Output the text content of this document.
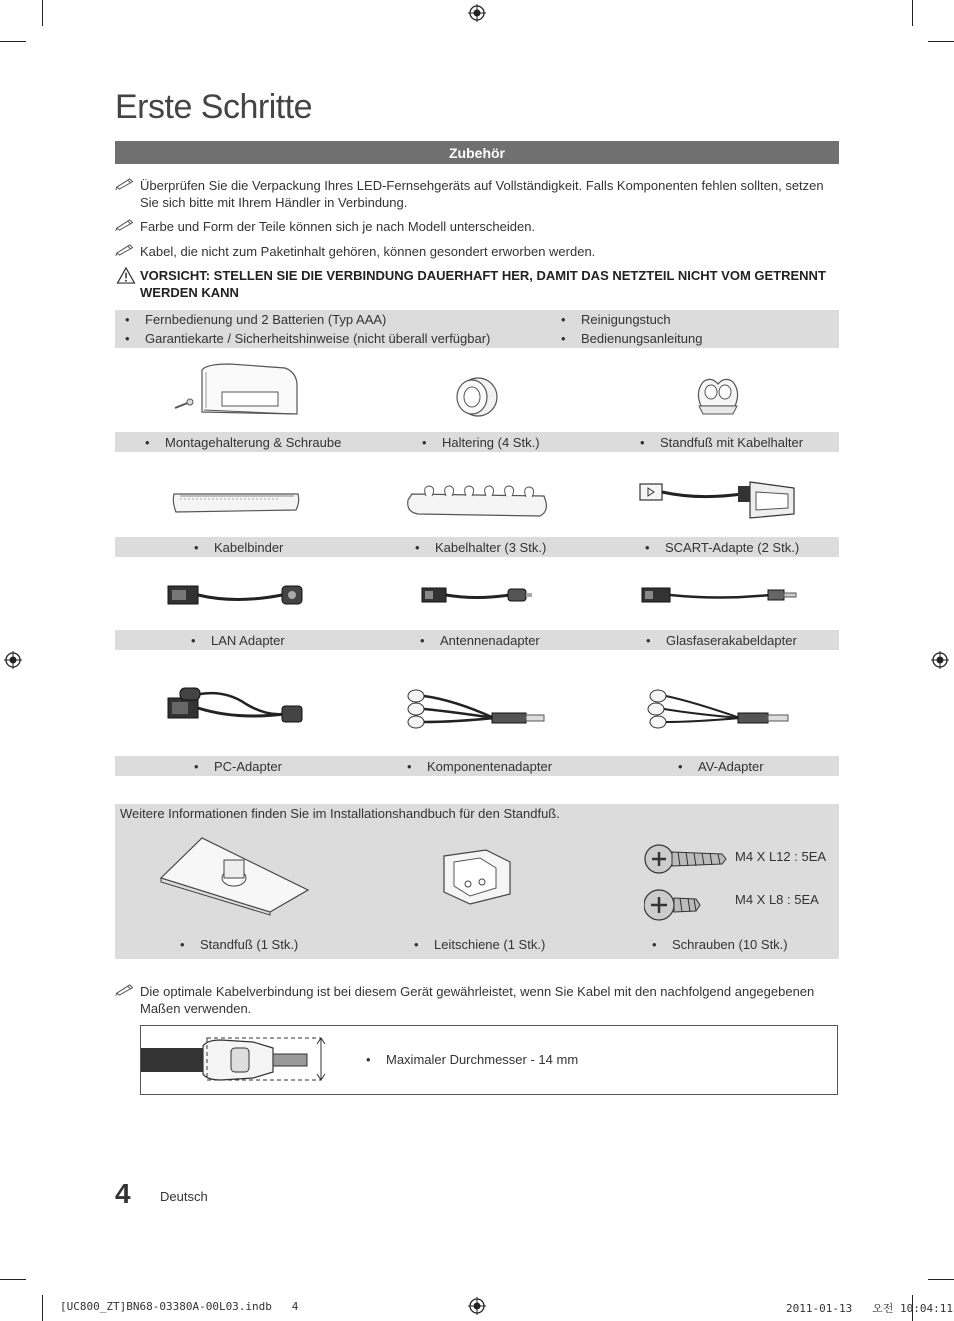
Erste Schritte
Zubehör
Überprüfen Sie die Verpackung Ihres LED-Fernsehgeräts auf Vollständigkeit. Falls Komponenten fehlen sollten, setzen Sie sich bitte mit Ihrem Händler in Verbindung.
Farbe und Form der Teile können sich je nach Modell unterscheiden.
Kabel, die nicht zum Paketinhalt gehören, können gesondert erworben werden.
VORSICHT: STELLEN SIE DIE VERBINDUNG DAUERHAFT HER, DAMIT DAS NETZTEIL NICHT VOM GETRENNT WERDEN KANN
• Fernbedienung und 2 Batterien (Typ AAA)	• Reinigungstuch
• Garantiekarte / Sicherheitshinweise (nicht überall verfügbar)	• Bedienungsanleitung
• Montagehalterung & Schraube	• Haltering (4 Stk.)	• Standfuß mit Kabelhalter
• Kabelbinder	• Kabelhalter (3 Stk.)	• SCART-Adapte (2 Stk.)
• LAN Adapter	• Antennenadapter	• Glasfaserakabeldapter
• PC-Adapter	• Komponentenadapter	• AV-Adapter
Weitere Informationen finden Sie im Installationshandbuch für den Standfuß.
M4 X L12 : 5EA
M4 X L8 : 5EA
• Standfuß (1 Stk.)	• Leitschiene (1 Stk.)	• Schrauben (10 Stk.)
Die optimale Kabelverbindung ist bei diesem Gerät gewährleistet, wenn Sie Kabel mit den nachfolgend angegebenen Maßen verwenden.
• Maximaler Durchmesser - 14 mm
4 Deutsch
[UC800_ZT]BN68-03380A-00L03.indb   4	2011-01-13   오전 10:04:11
